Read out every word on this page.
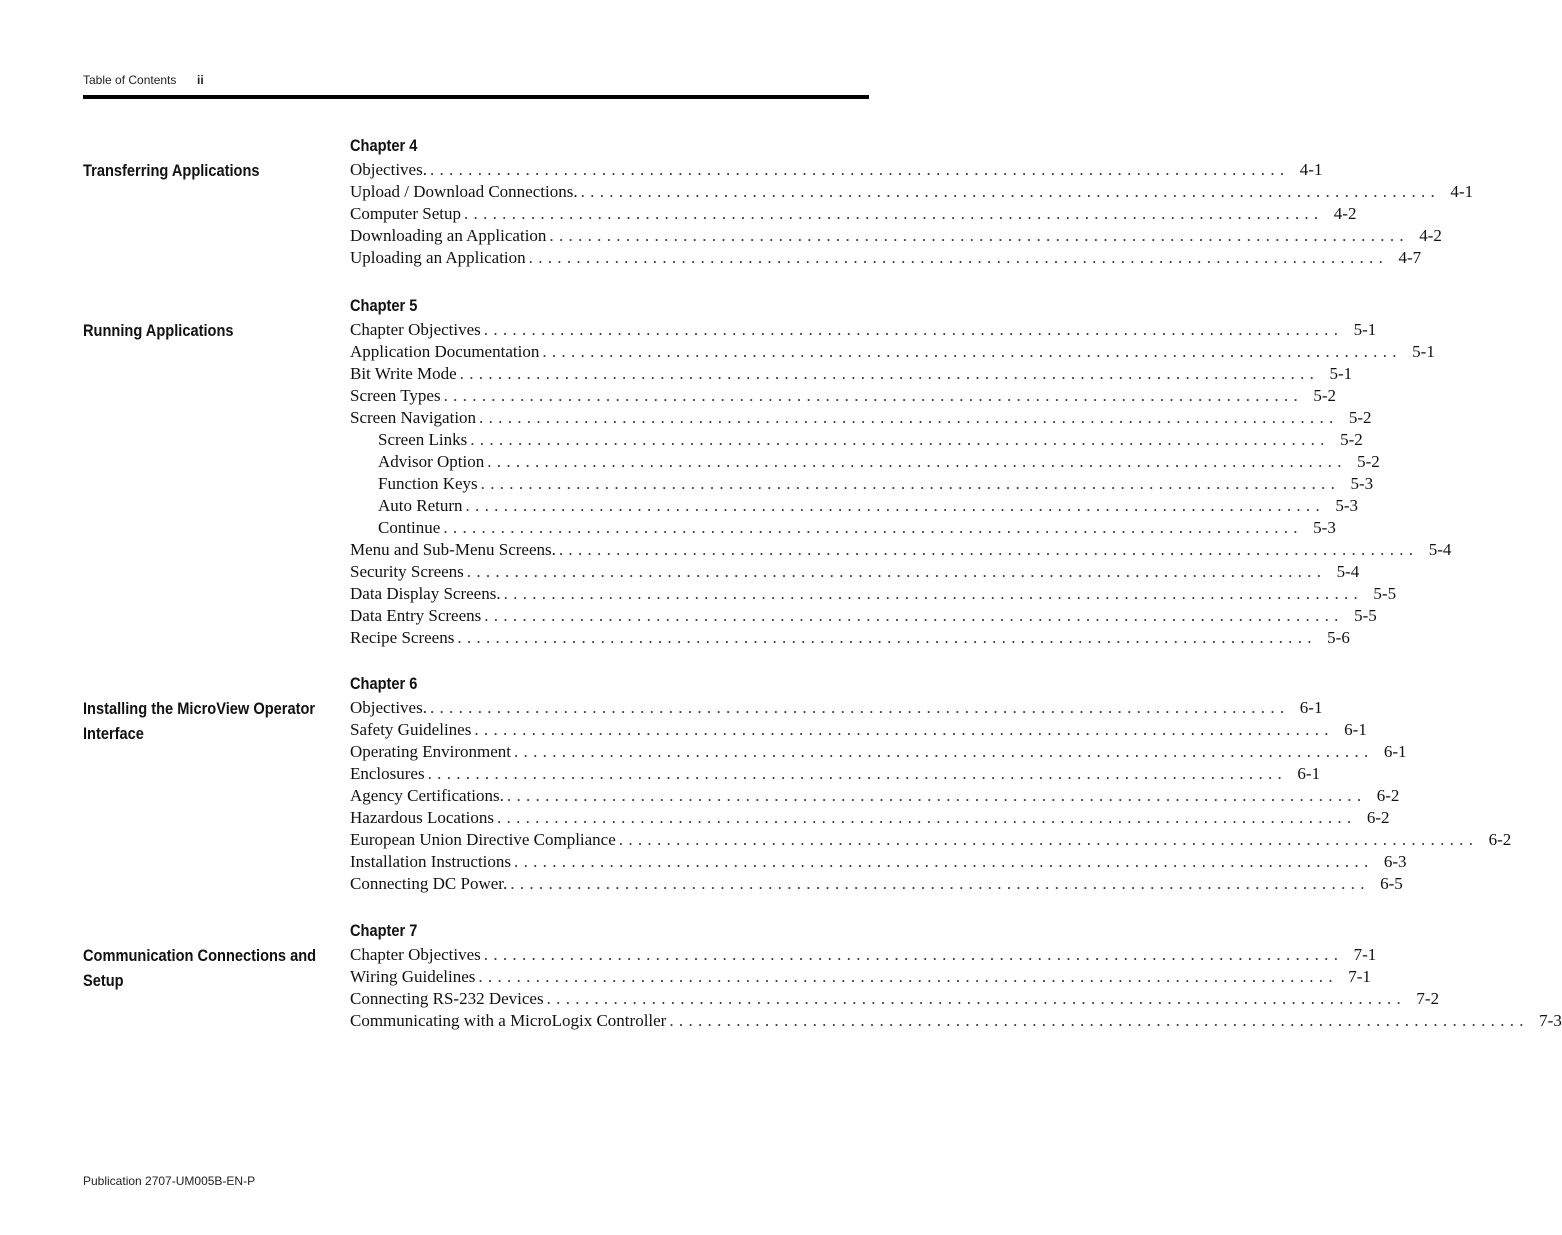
Table of Contents ii
Chapter 4
Transferring Applications	Objectives. .......................................................................................... 4-1
Upload / Download Connections. .......................................................................................... 4-1
Computer Setup .......................................................................................... 4-2
Downloading an Application .......................................................................................... 4-2
Uploading an Application .......................................................................................... 4-7
Chapter 5
Running Applications	Chapter Objectives .......................................................................................... 5-1
Application Documentation .......................................................................................... 5-1
Bit Write Mode .......................................................................................... 5-1
Screen Types .......................................................................................... 5-2
Screen Navigation .......................................................................................... 5-2
Screen Links .......................................................................................... 5-2
Advisor Option .......................................................................................... 5-2
Function Keys .......................................................................................... 5-3
Auto Return .......................................................................................... 5-3
Continue .......................................................................................... 5-3
Menu and Sub-Menu Screens. .......................................................................................... 5-4
Security Screens .......................................................................................... 5-4
Data Display Screens. .......................................................................................... 5-5
Data Entry Screens .......................................................................................... 5-5
Recipe Screens .......................................................................................... 5-6
Chapter 6
Installing the MicroView Operator Interface
Objectives. .......................................................................................... 6-1
Safety Guidelines .......................................................................................... 6-1
Operating Environment .......................................................................................... 6-1
Enclosures .......................................................................................... 6-1
Agency Certifications. .......................................................................................... 6-2
Hazardous Locations .......................................................................................... 6-2
European Union Directive Compliance .......................................................................................... 6-2
Installation Instructions .......................................................................................... 6-3
Connecting DC Power. .......................................................................................... 6-5
Chapter 7
Communication Connections and Setup
Chapter Objectives .......................................................................................... 7-1
Wiring Guidelines .......................................................................................... 7-1
Connecting RS-232 Devices .......................................................................................... 7-2
Communicating with a MicroLogix Controller .......................................................................................... 7-3
Publication 2707-UM005B-EN-P
